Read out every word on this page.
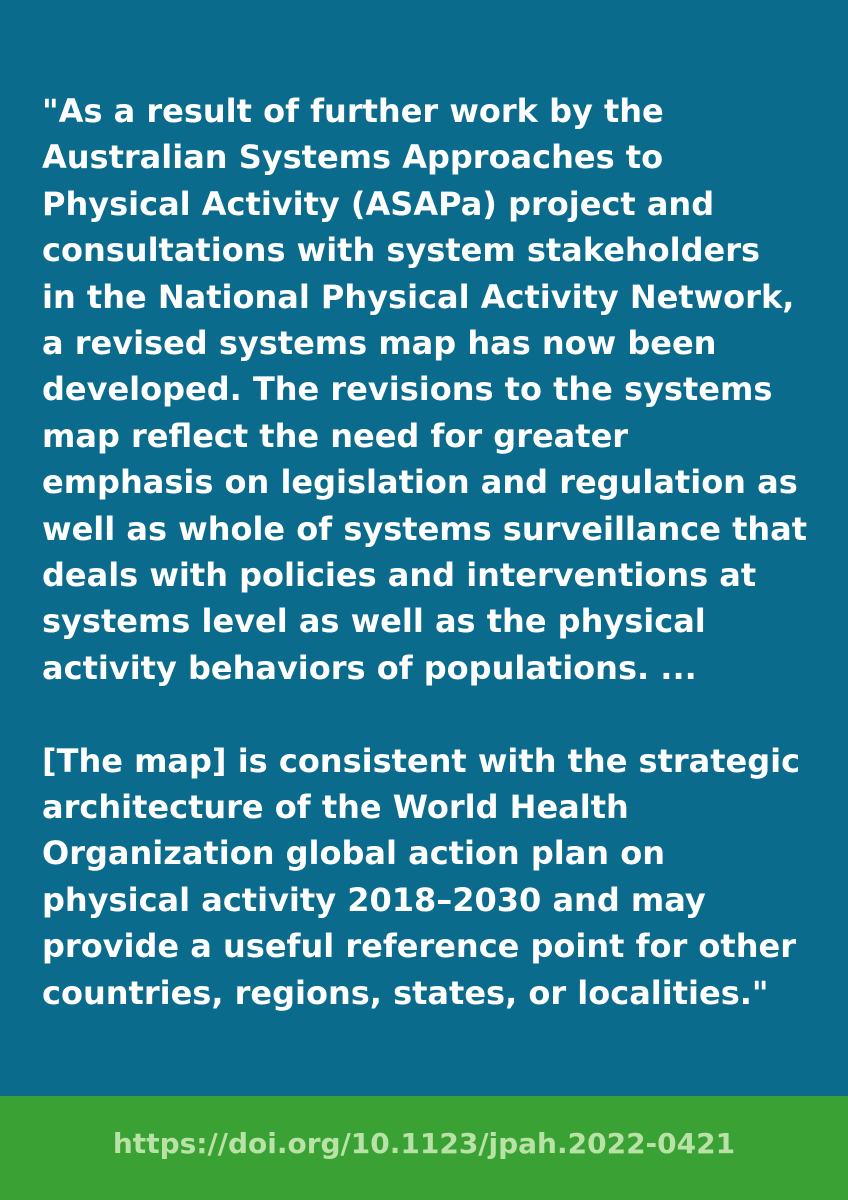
"As a result of further work by the
Australian Systems Approaches to
Physical Activity (ASAPa) project and
consultations with system stakeholders
in the National Physical Activity Network,
a revised systems map has now been
developed. The revisions to the systems
map reflect the need for greater
emphasis on legislation and regulation as
well as whole of systems surveillance that
deals with policies and interventions at
systems level as well as the physical
activity behaviors of populations. ...
[The map] is consistent with the strategic
architecture of the World Health
Organization global action plan on
physical activity 2018–2030 and may
provide a useful reference point for other
countries, regions, states, or localities."
https://doi.org/10.1123/jpah.2022-0421
